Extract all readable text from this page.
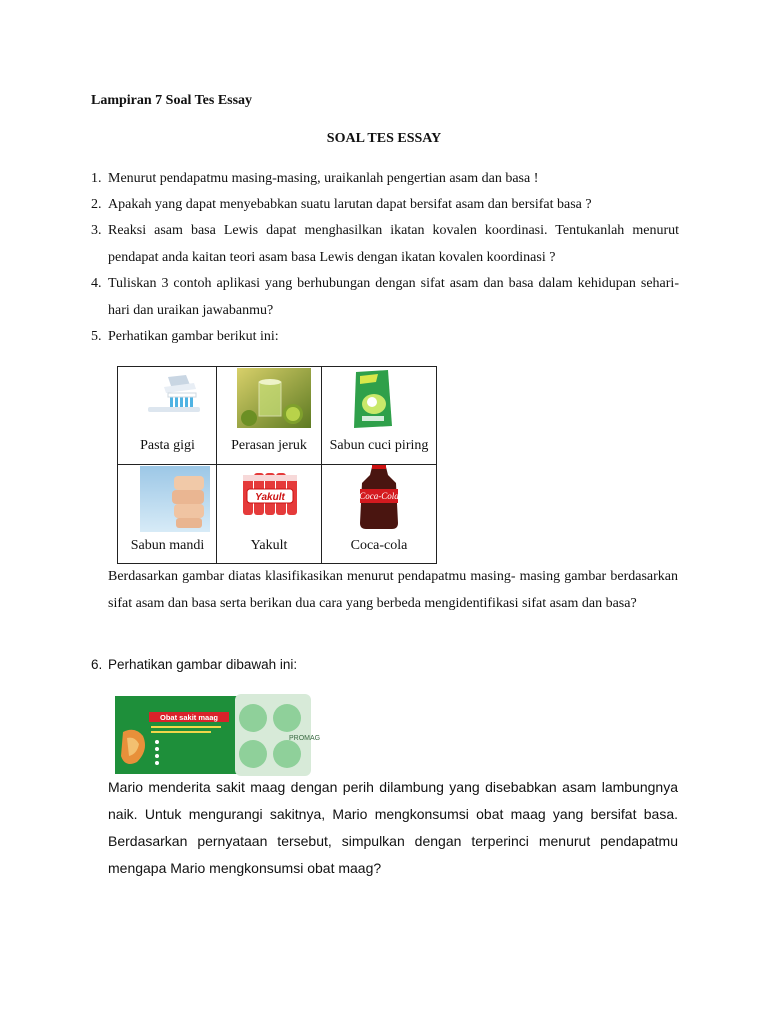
Lampiran 7 Soal Tes Essay
SOAL TES ESSAY
1. Menurut pendapatmu masing-masing, uraikanlah pengertian asam dan basa !
2. Apakah yang dapat menyebabkan suatu larutan dapat bersifat asam dan bersifat basa ?
3. Reaksi asam basa Lewis dapat menghasilkan ikatan kovalen koordinasi. Tentukanlah menurut pendapat anda kaitan teori asam basa Lewis dengan ikatan kovalen koordinasi ?
4. Tuliskan 3 contoh aplikasi yang berhubungan dengan sifat asam dan basa dalam kehidupan sehari-hari dan uraikan jawabanmu?
5. Perhatikan gambar berikut ini:
Pasta gigi	Perasan jeruk	Sabun cuci piring
Sabun mandi
Yakult
Yakult
Coca-Cola
Coca-cola
Berdasarkan gambar diatas klasifikasikan menurut pendapatmu masing- masing gambar berdasarkan sifat asam dan basa serta berikan dua cara yang berbeda mengidentifikasi sifat asam dan basa?
6. Perhatikan gambar dibawah ini:
PROMAG
Obat sakit maag
Mario menderita sakit maag dengan perih dilambung yang disebabkan asam lambungnya naik. Untuk mengurangi sakitnya, Mario mengkonsumsi obat maag yang bersifat basa. Berdasarkan pernyataan tersebut, simpulkan dengan terperinci menurut pendapatmu mengapa Mario mengkonsumsi obat maag?
